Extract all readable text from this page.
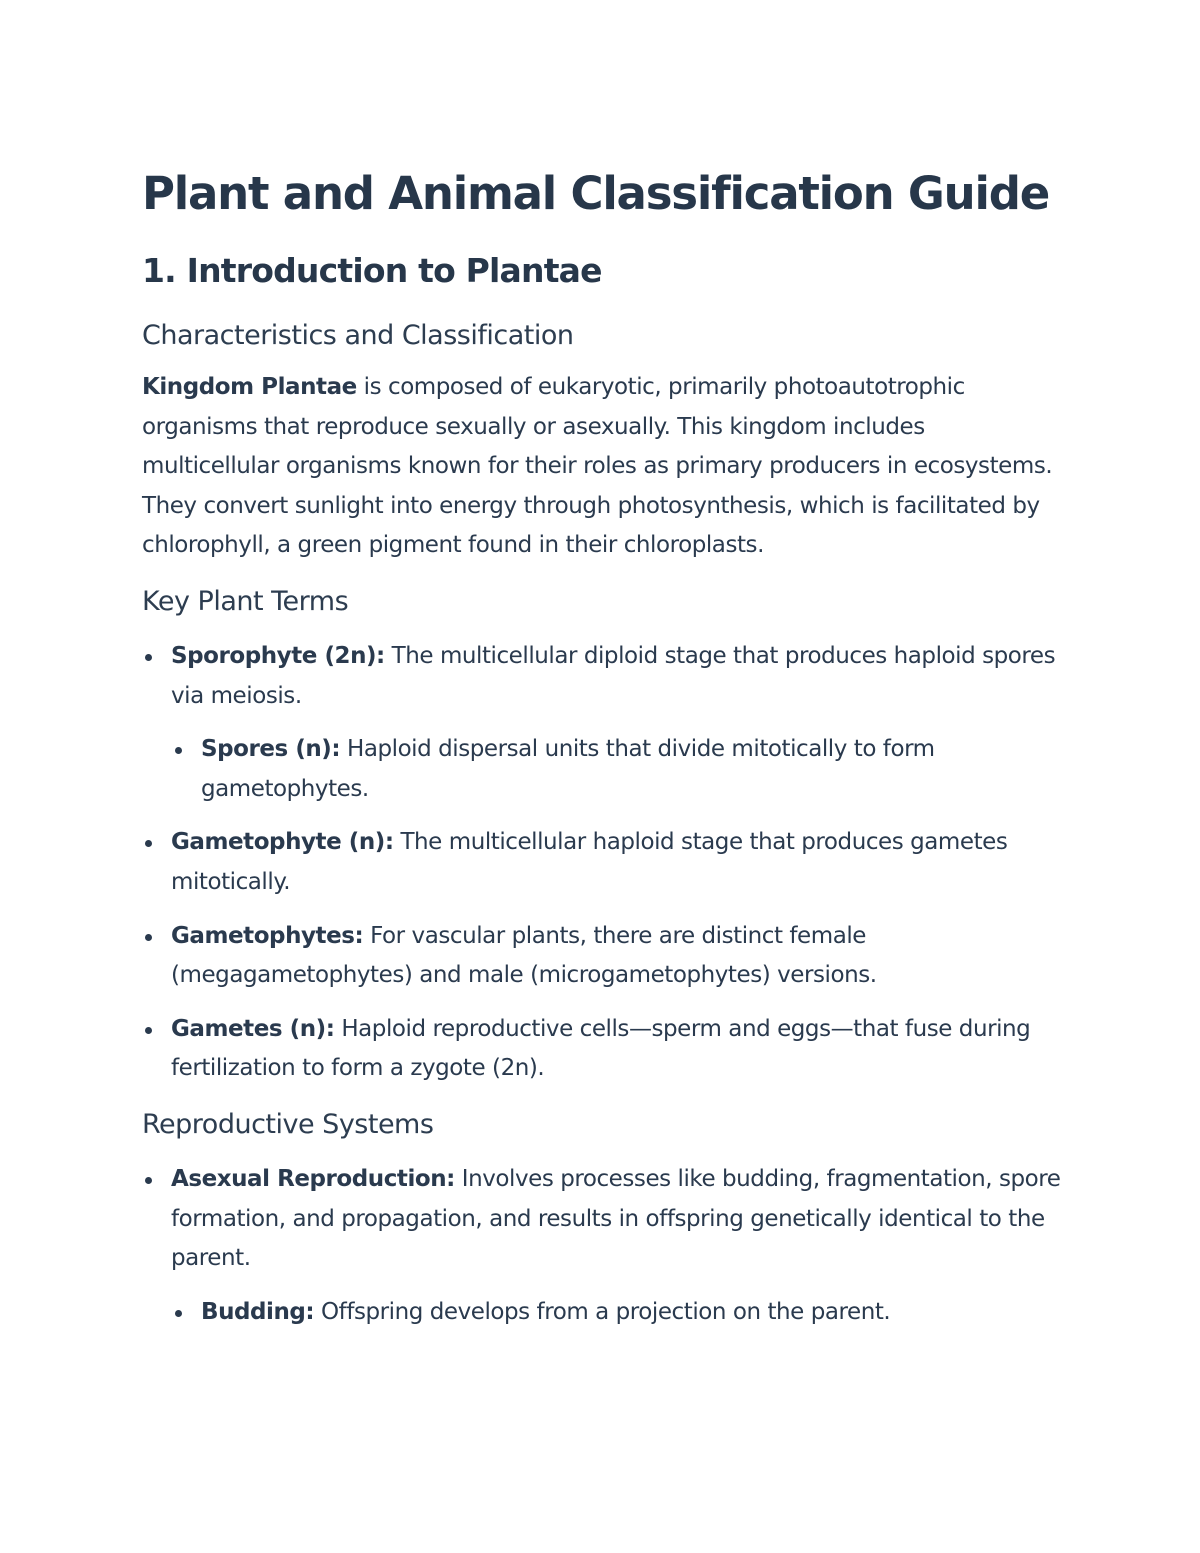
Plant and Animal Classification Guide
1. Introduction to Plantae
Characteristics and Classification

Kingdom Plantae is composed of eukaryotic, primarily photoautotrophic organisms that reproduce sexually or asexually. This kingdom includes multicellular organisms known for their roles as primary producers in ecosystems. They convert sunlight into energy through photosynthesis, which is facilitated by chlorophyll, a green pigment found in their chloroplasts.

Key Plant Terms
Sporophyte (2n): The multicellular diploid stage that produces haploid spores via meiosis.
Spores (n): Haploid dispersal units that divide mitotically to form gametophytes.
Gametophyte (n): The multicellular haploid stage that produces gametes mitotically.
Gametophytes: For vascular plants, there are distinct female (megagametophytes) and male (microgametophytes) versions.
Gametes (n): Haploid reproductive cells—sperm and eggs—that fuse during fertilization to form a zygote (2n).
Reproductive Systems
Asexual Reproduction: Involves processes like budding, fragmentation, spore formation, and propagation, and results in offspring genetically identical to the parent.
Budding: Offspring develops from a projection on the parent.
